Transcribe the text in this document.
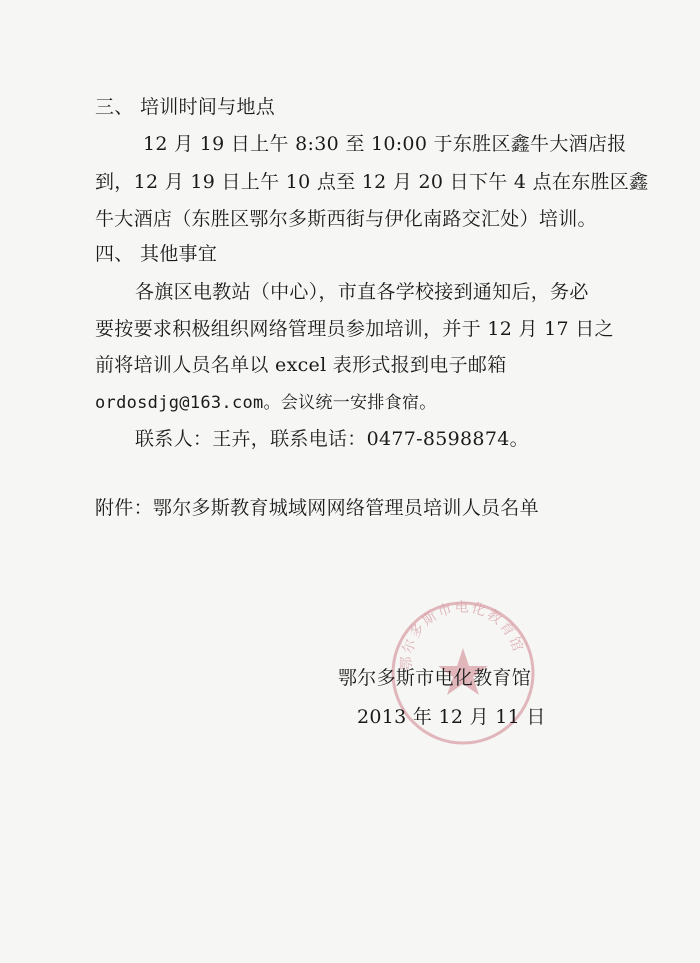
三、 培训时间与地点
12 月 19 日上午 8:30 至 10:00 于东胜区鑫牛大酒店报
到，12 月 19 日上午 10 点至 12 月 20 日下午 4 点在东胜区鑫
牛大酒店（东胜区鄂尔多斯西街与伊化南路交汇处）培训。
四、 其他事宜
各旗区电教站（中心），市直各学校接到通知后，务必
要按要求积极组织网络管理员参加培训，并于 12 月 17 日之
前将培训人员名单以 excel 表形式报到电子邮箱
ordosdjg@163.com。会议统一安排食宿。
联系人：王卉，联系电话：0477-8598874。
附件：鄂尔多斯教育城域网网络管理员培训人员名单
鄂尔多斯市电化教育馆
鄂尔多斯市电化教育馆
2013 年 12 月 11 日
